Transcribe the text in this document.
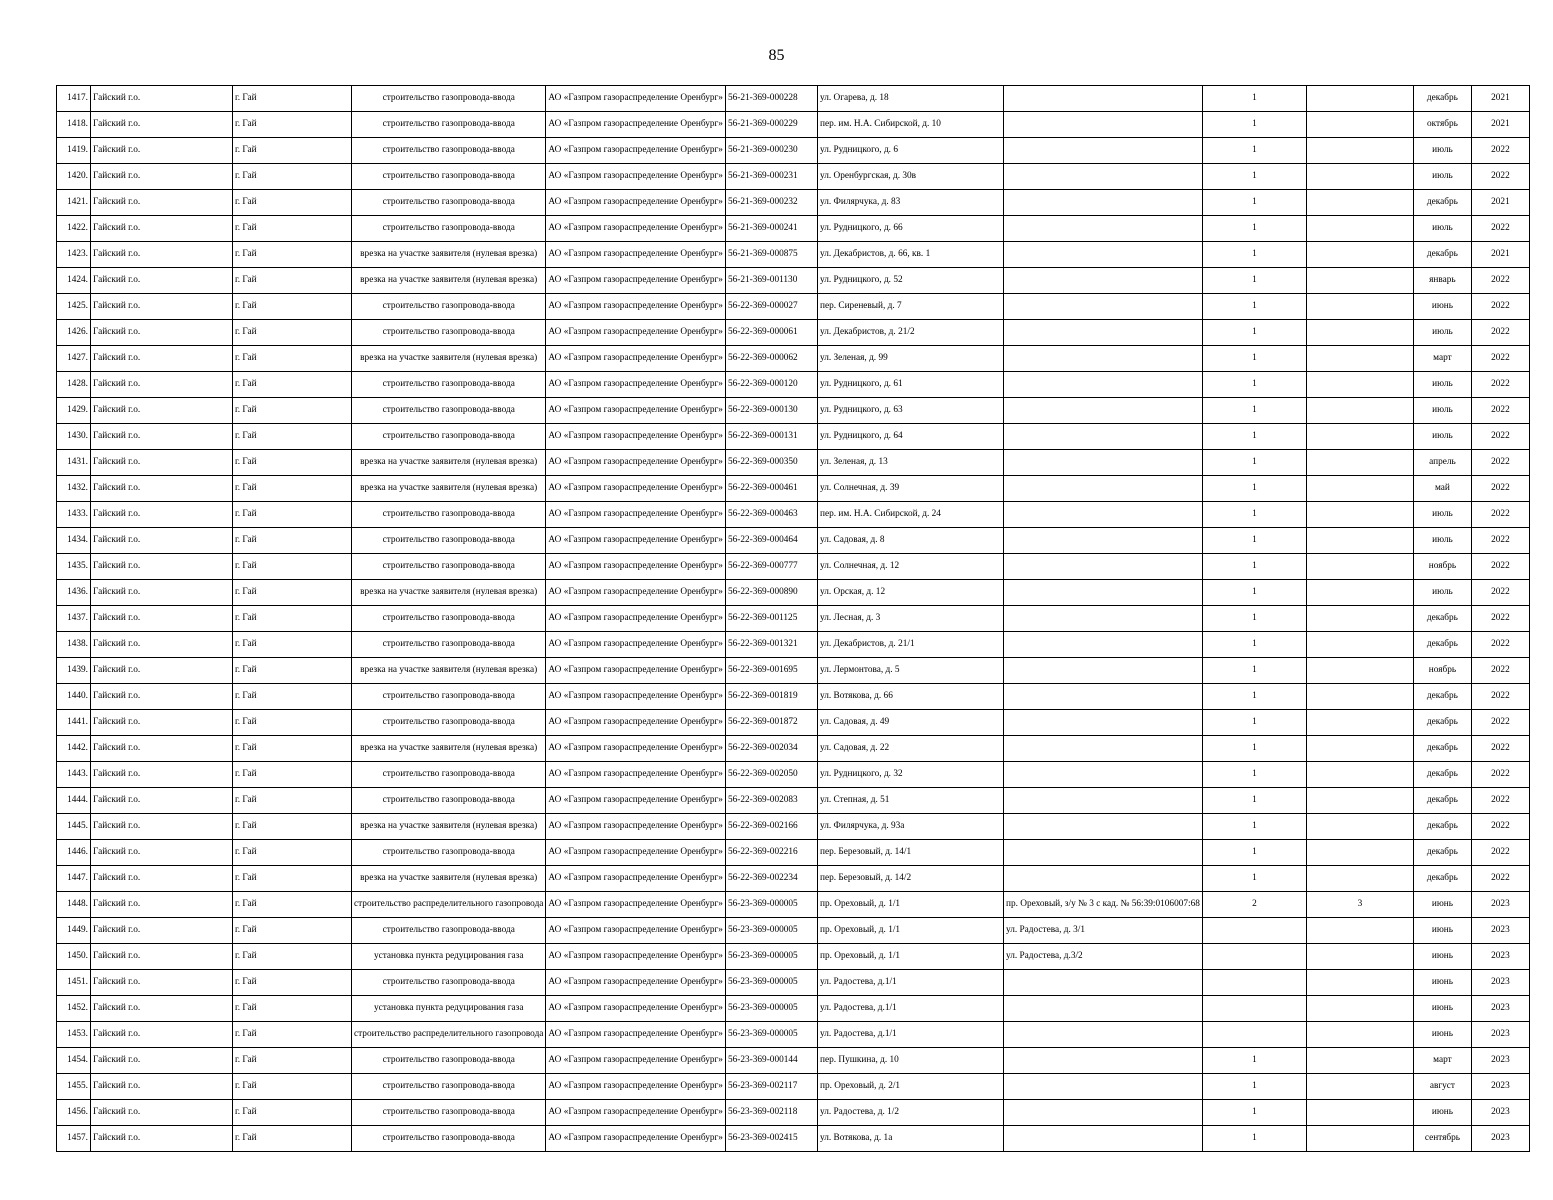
85
1417.	Гайский г.о.	г. Гай	строительство газопровода-ввода	АО «Газпром газораспределение Оренбург»	56-21-369-000228	ул. Огарева, д. 18		1		декабрь	2021
1418.	Гайский г.о.	г. Гай	строительство газопровода-ввода	АО «Газпром газораспределение Оренбург»	56-21-369-000229	пер. им. Н.А. Сибирской, д. 10		1		октябрь	2021
1419.	Гайский г.о.	г. Гай	строительство газопровода-ввода	АО «Газпром газораспределение Оренбург»	56-21-369-000230	ул. Рудницкого, д. 6		1		июль	2022
1420.	Гайский г.о.	г. Гай	строительство газопровода-ввода	АО «Газпром газораспределение Оренбург»	56-21-369-000231	ул. Оренбургская, д. 30в		1		июль	2022
1421.	Гайский г.о.	г. Гай	строительство газопровода-ввода	АО «Газпром газораспределение Оренбург»	56-21-369-000232	ул. Филярчука, д. 83		1		декабрь	2021
1422.	Гайский г.о.	г. Гай	строительство газопровода-ввода	АО «Газпром газораспределение Оренбург»	56-21-369-000241	ул. Рудницкого, д. 66		1		июль	2022
1423.	Гайский г.о.	г. Гай	врезка на участке заявителя (нулевая врезка)	АО «Газпром газораспределение Оренбург»	56-21-369-000875	ул. Декабристов, д. 66, кв. 1		1		декабрь	2021
1424.	Гайский г.о.	г. Гай	врезка на участке заявителя (нулевая врезка)	АО «Газпром газораспределение Оренбург»	56-21-369-001130	ул. Рудницкого, д. 52		1		январь	2022
1425.	Гайский г.о.	г. Гай	строительство газопровода-ввода	АО «Газпром газораспределение Оренбург»	56-22-369-000027	пер. Сиреневый, д. 7		1		июнь	2022
1426.	Гайский г.о.	г. Гай	строительство газопровода-ввода	АО «Газпром газораспределение Оренбург»	56-22-369-000061	ул. Декабристов, д. 21/2		1		июль	2022
1427.	Гайский г.о.	г. Гай	врезка на участке заявителя (нулевая врезка)	АО «Газпром газораспределение Оренбург»	56-22-369-000062	ул. Зеленая, д. 99		1		март	2022
1428.	Гайский г.о.	г. Гай	строительство газопровода-ввода	АО «Газпром газораспределение Оренбург»	56-22-369-000120	ул. Рудницкого, д. 61		1		июль	2022
1429.	Гайский г.о.	г. Гай	строительство газопровода-ввода	АО «Газпром газораспределение Оренбург»	56-22-369-000130	ул. Рудницкого, д. 63		1		июль	2022
1430.	Гайский г.о.	г. Гай	строительство газопровода-ввода	АО «Газпром газораспределение Оренбург»	56-22-369-000131	ул. Рудницкого, д. 64		1		июль	2022
1431.	Гайский г.о.	г. Гай	врезка на участке заявителя (нулевая врезка)	АО «Газпром газораспределение Оренбург»	56-22-369-000350	ул. Зеленая, д. 13		1		апрель	2022
1432.	Гайский г.о.	г. Гай	врезка на участке заявителя (нулевая врезка)	АО «Газпром газораспределение Оренбург»	56-22-369-000461	ул. Солнечная, д. 39		1		май	2022
1433.	Гайский г.о.	г. Гай	строительство газопровода-ввода	АО «Газпром газораспределение Оренбург»	56-22-369-000463	пер. им. Н.А. Сибирской, д. 24		1		июль	2022
1434.	Гайский г.о.	г. Гай	строительство газопровода-ввода	АО «Газпром газораспределение Оренбург»	56-22-369-000464	ул. Садовая, д. 8		1		июль	2022
1435.	Гайский г.о.	г. Гай	строительство газопровода-ввода	АО «Газпром газораспределение Оренбург»	56-22-369-000777	ул. Солнечная, д. 12		1		ноябрь	2022
1436.	Гайский г.о.	г. Гай	врезка на участке заявителя (нулевая врезка)	АО «Газпром газораспределение Оренбург»	56-22-369-000890	ул. Орская, д. 12		1		июль	2022
1437.	Гайский г.о.	г. Гай	строительство газопровода-ввода	АО «Газпром газораспределение Оренбург»	56-22-369-001125	ул. Лесная, д. 3		1		декабрь	2022
1438.	Гайский г.о.	г. Гай	строительство газопровода-ввода	АО «Газпром газораспределение Оренбург»	56-22-369-001321	ул. Декабристов, д. 21/1		1		декабрь	2022
1439.	Гайский г.о.	г. Гай	врезка на участке заявителя (нулевая врезка)	АО «Газпром газораспределение Оренбург»	56-22-369-001695	ул. Лермонтова, д. 5		1		ноябрь	2022
1440.	Гайский г.о.	г. Гай	строительство газопровода-ввода	АО «Газпром газораспределение Оренбург»	56-22-369-001819	ул. Вотякова, д. 66		1		декабрь	2022
1441.	Гайский г.о.	г. Гай	строительство газопровода-ввода	АО «Газпром газораспределение Оренбург»	56-22-369-001872	ул. Садовая, д. 49		1		декабрь	2022
1442.	Гайский г.о.	г. Гай	врезка на участке заявителя (нулевая врезка)	АО «Газпром газораспределение Оренбург»	56-22-369-002034	ул. Садовая, д. 22		1		декабрь	2022
1443.	Гайский г.о.	г. Гай	строительство газопровода-ввода	АО «Газпром газораспределение Оренбург»	56-22-369-002050	ул. Рудницкого, д. 32		1		декабрь	2022
1444.	Гайский г.о.	г. Гай	строительство газопровода-ввода	АО «Газпром газораспределение Оренбург»	56-22-369-002083	ул. Степная, д. 51		1		декабрь	2022
1445.	Гайский г.о.	г. Гай	врезка на участке заявителя (нулевая врезка)	АО «Газпром газораспределение Оренбург»	56-22-369-002166	ул. Филярчука, д. 93а		1		декабрь	2022
1446.	Гайский г.о.	г. Гай	строительство газопровода-ввода	АО «Газпром газораспределение Оренбург»	56-22-369-002216	пер. Березовый, д. 14/1		1		декабрь	2022
1447.	Гайский г.о.	г. Гай	врезка на участке заявителя (нулевая врезка)	АО «Газпром газораспределение Оренбург»	56-22-369-002234	пер. Березовый, д. 14/2		1		декабрь	2022
1448.	Гайский г.о.	г. Гай	строительство распределительного газопровода	АО «Газпром газораспределение Оренбург»	56-23-369-000005	пр. Ореховый, д. 1/1	пр. Ореховый, з/у № 3 с кад. № 56:39:0106007:68	2	3	июнь	2023
1449.	Гайский г.о.	г. Гай	строительство газопровода-ввода	АО «Газпром газораспределение Оренбург»	56-23-369-000005	пр. Ореховый, д. 1/1	ул. Радостева, д. 3/1			июнь	2023
1450.	Гайский г.о.	г. Гай	установка пункта редуцирования газа	АО «Газпром газораспределение Оренбург»	56-23-369-000005	пр. Ореховый, д. 1/1	ул. Радостева, д.3/2			июнь	2023
1451.	Гайский г.о.	г. Гай	строительство газопровода-ввода	АО «Газпром газораспределение Оренбург»	56-23-369-000005	ул. Радостева, д.1/1				июнь	2023
1452.	Гайский г.о.	г. Гай	установка пункта редуцирования газа	АО «Газпром газораспределение Оренбург»	56-23-369-000005	ул. Радостева, д.1/1				июнь	2023
1453.	Гайский г.о.	г. Гай	строительство распределительного газопровода	АО «Газпром газораспределение Оренбург»	56-23-369-000005	ул. Радостева, д.1/1				июнь	2023
1454.	Гайский г.о.	г. Гай	строительство газопровода-ввода	АО «Газпром газораспределение Оренбург»	56-23-369-000144	пер. Пушкина, д. 10		1		март	2023
1455.	Гайский г.о.	г. Гай	строительство газопровода-ввода	АО «Газпром газораспределение Оренбург»	56-23-369-002117	пр. Ореховый, д. 2/1		1		август	2023
1456.	Гайский г.о.	г. Гай	строительство газопровода-ввода	АО «Газпром газораспределение Оренбург»	56-23-369-002118	ул. Радостева, д. 1/2		1		июнь	2023
1457.	Гайский г.о.	г. Гай	строительство газопровода-ввода	АО «Газпром газораспределение Оренбург»	56-23-369-002415	ул. Вотякова, д. 1а		1		сентябрь	2023
